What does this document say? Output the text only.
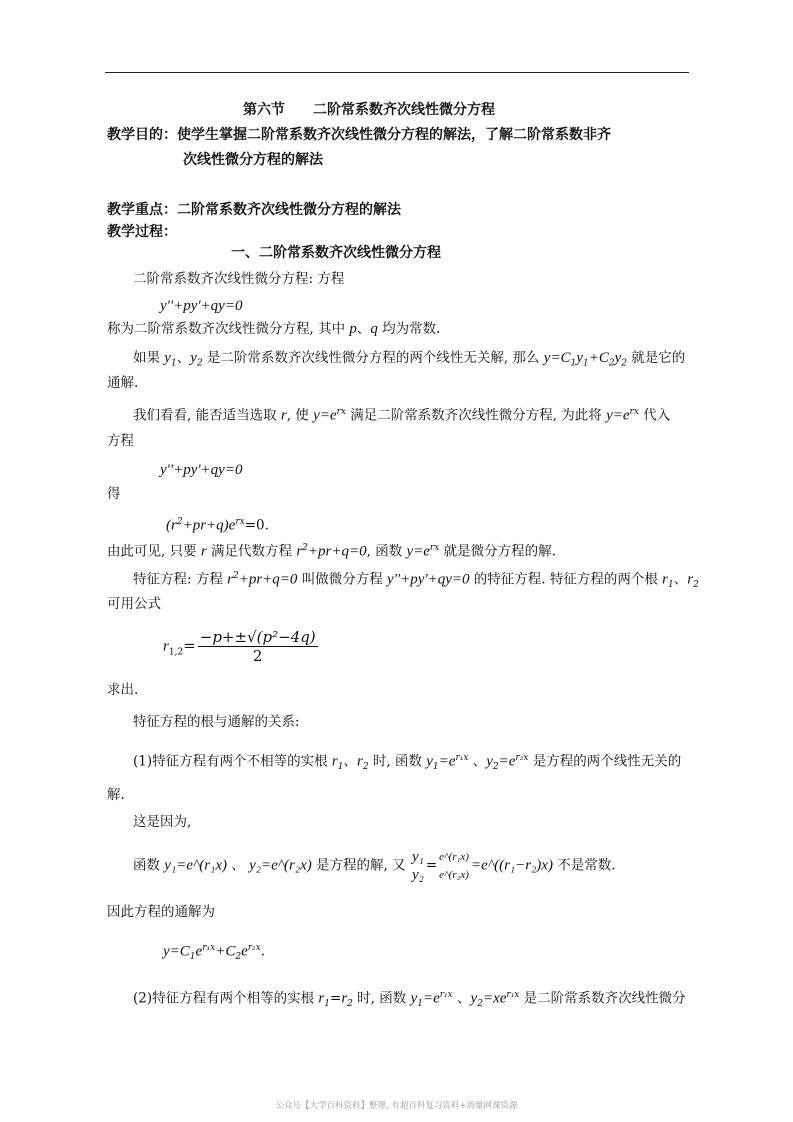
第六节　　二阶常系数齐次线性微分方程
教学目的：使学生掌握二阶常系数齐次线性微分方程的解法，了解二阶常系数非齐
次线性微分方程的解法
教学重点：二阶常系数齐次线性微分方程的解法
教学过程：
一、二阶常系数齐次线性微分方程
二阶常系数齐次线性微分方程: 方程
y''+py'+qy=0
称为二阶常系数齐次线性微分方程, 其中 p、q 均为常数.
如果 $y_1$、$y_2$ 是二阶常系数齐次线性微分方程的两个线性无关解, 那么 $y=C_1y_1+C_2y_2$ 就是它的
通解.
我们看看, 能否适当选取 r, 使 $y=e^{rx}$ 满足二阶常系数齐次线性微分方程, 为此将 $y=e^{rx}$ 代入
方程
y''+py'+qy=0
得
$(r^2+pr+q)e^{rx}=0$.
由此可见, 只要 r 满足代数方程 $r^2+pr+q=0$, 函数 $y=e^{rx}$ 就是微分方程的解.
特征方程: 方程 $r^2+pr+q=0$ 叫做微分方程 y''+py'+qy=0 的特征方程. 特征方程的两个根 $r_1$、$r_2$
可用公式
求出.
特征方程的根与通解的关系:
(1)特征方程有两个不相等的实根 $r_1$、$r_2$ 时, 函数 $y_1=e^{r_1x}$ 、$y_2=e^{r_2x}$ 是方程的两个线性无关的
解.
这是因为,
因此方程的通解为
$y=C_1e^{r_1x}+C_2e^{r_2x}$.
(2)特征方程有两个相等的实根 $r_1=r_2$ 时, 函数 $y_1=e^{r_1x}$ 、$y_2=xe^{r_1x}$ 是二阶常系数齐次线性微分
$r_{1,2}= \frac{\text{−p+±√(p²−4q)}}{2}$
函数 y₁=e^(r₁x) 、 y₂=e^(r₂x) 是方程的解, 又
y₁
y₂
=
e^(r₁x)
e^(r₂x)
=e^((r₁−r₂)x) 不是常数.
公众号【大学百科资料】整理, 有超百科复习资料+海量网课资源
